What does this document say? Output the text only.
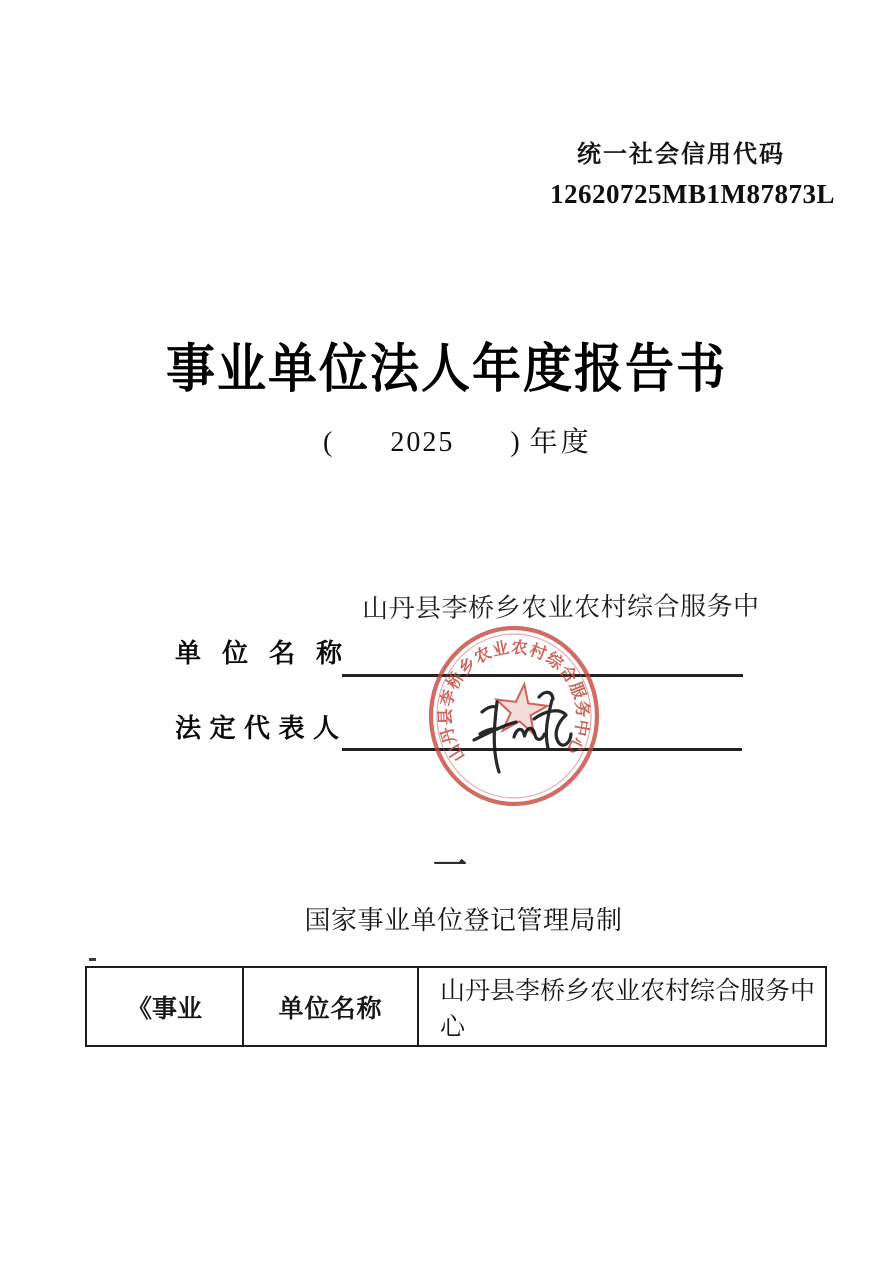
统一社会信用代码
12620725MB1M87873L
事业单位法人年度报告书
( 2025 ) 年度
山丹县李桥乡农业农村综合服务中
单位名称
法定代表人
山丹县李桥乡农业农村综合服务中心
一
国家事业单位登记管理局制
《事业	单位名称
山丹县李桥乡农业农村综合服务中心
